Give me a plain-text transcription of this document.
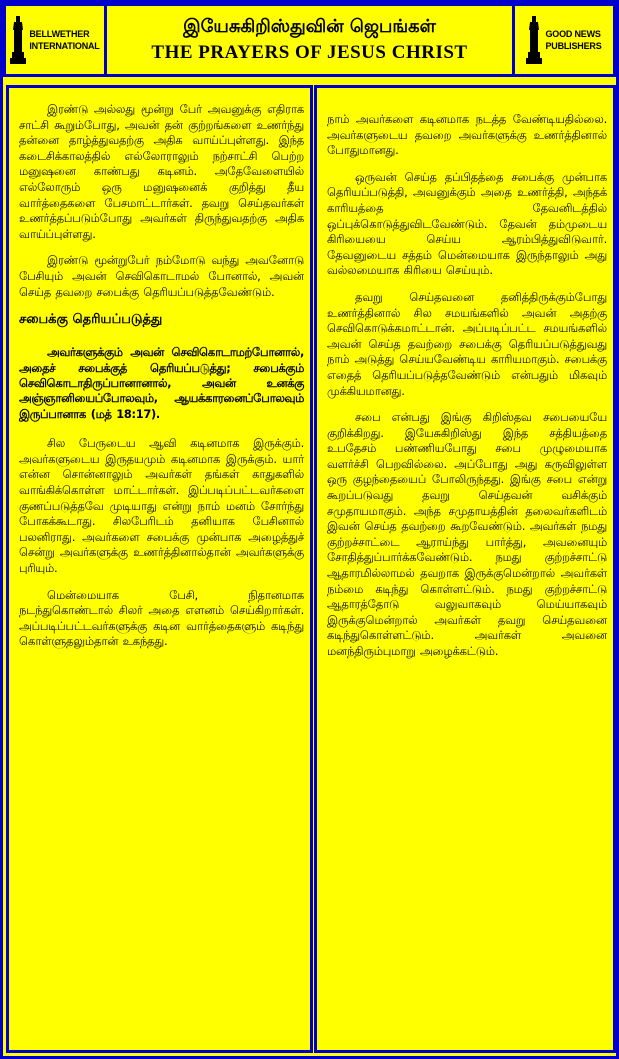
BELLWETHER
INTERNATIONAL
இயேசுகிறிஸ்துவின் ஜெபங்கள்
THE PRAYERS OF JESUS CHRIST
GOOD NEWS
PUBLISHERS

இரண்டு அல்லது மூன்று பேர் அவனுக்கு எதிராக சாட்சி கூறும்போது, அவன் தன் குற்றங்களை உணர்ந்து தன்னை தாழ்த்துவதற்கு அதிக வாய்ப்புள்ளது. இந்த கடைசிக்காலத்தில் எல்லோராலும் நற்சாட்சி பெற்ற மனுஷனை காண்பது கடினம். அதேவேளையில் எல்லோரும் ஒரு மனுஷனைக் குறித்து தீய வார்த்தைகளை பேசமாட்டார்கள். தவறு செய்தவர்கள் உணர்த்தப்படும்போது அவர்கள் திருந்துவதற்கு அதிக வாய்ப்புள்ளது.

இரண்டு மூன்றுபேர் நம்மோடு வந்து அவனோடு பேசியும் அவன் செவிகொடாமல் போனால், அவன் செய்த தவறை சபைக்கு தெரியப்படுத்தவேண்டும்.

சபைக்கு தெரியப்படுத்து

அவர்களுக்கும் அவன் செவிகொடாமற்போனால், அதைச் சபைக்குத் தெரியப்படுத்து; சபைக்கும் செவிகொடாதிருப்பானானால், அவன் உனக்கு அஞ்ஞானியைப்போலவும், ஆயக்காரனைப்போலவும் இருப்பானாக (மத் 18:17).

சில பேருடைய ஆவி கடினமாக இருக்கும். அவர்களுடைய இருதயமும் கடினமாக இருக்கும். யார் என்ன சொன்னாலும் அவர்கள் தங்கள் காதுகளில் வாங்கிக்கொள்ள மாட்டார்கள். இப்படிப்பட்டவர்களை குணப்படுத்தவே முடியாது என்று நாம் மனம் சோர்ந்து போகக்கூடாது. சிலபேரிடம் தனியாக பேசினால் பலனிராது. அவர்களை சபைக்கு முன்பாக அழைத்துச் சென்று அவர்களுக்கு உணர்த்தினால்தான் அவர்களுக்கு புரியும்.

மென்மையாக பேசி, நிதானமாக நடந்துகொண்டால் சிலர் அதை எளனம் செய்கிறார்கள். அப்படிப்பட்டவர்களுக்கு கடின வார்த்தைகளும் கடிந்து கொள்ளுதலும்தான் உகந்தது.

நாம் அவர்களை கடினமாக நடத்த வேண்டியதில்லை. அவர்களுடைய தவறை அவர்களுக்கு உணர்த்தினால் போதுமானது.

ஒருவன் செய்த தப்பிதத்தை சபைக்கு முன்பாக தெரியப்படுத்தி, அவனுக்கும் அதை உணர்த்தி, அந்தக் காரியத்தை தேவனிடத்தில் ஒப்புக்கொடுத்துவிடவேண்டும். தேவன் தம்முடைய கிரியையை செய்ய ஆரம்பித்துவிடுவார். தேவனுடைய சத்தம் மென்மையாக இருந்தாலும் அது வல்லமையாக கிரியை செய்யும்.

தவறு செய்தவனை தனித்திருக்கும்போது உணர்த்தினால் சில சமயங்களில் அவன் அதற்கு செவிகொடுக்கமாட்டான். அப்படிப்பட்ட சமயங்களில் அவன் செய்த தவற்றை சபைக்கு தெரியப்படுத்துவது நாம் அடுத்து செய்யவேண்டிய காரியமாகும். சபைக்கு எதைத் தெரியப்படுத்தவேண்டும் என்பதும் மிகவும் முக்கியமானது.

சபை என்பது இங்கு கிறிஸ்தவ சபையையே குறிக்கிறது. இயேசுகிறிஸ்து இந்த சத்தியத்தை உபதேசம் பண்ணியபோது சபை முழுமையாக வளர்ச்சி பெறவில்லை. அப்போது அது கருவிலுள்ள ஒரு குழந்தையைப் போலிருந்தது. இங்கு சபை என்று கூறப்படுவது தவறு செய்தவன் வசிக்கும் சமுதாயமாகும். அந்த சமுதாயத்தின் தலைவர்களிடம் இவன் செய்த தவற்றை கூறவேண்டும். அவர்கள் நமது குற்றச்சாட்டை ஆராய்ந்து பார்த்து, அவனையும் சோதித்துப்பார்க்கவேண்டும். நமது குற்றச்சாட்டு ஆதாரமில்லாமல் தவறாக இருக்குமென்றால் அவர்கள் நம்மை கடிந்து கொள்ளட்டும். நமது குற்றச்சாட்டு ஆதாரத்தோடு வலுவாகவும் மெய்யாகவும் இருக்குமென்றால் அவர்கள் தவறு செய்தவனை கடிந்துகொள்ளட்டும். அவர்கள் அவனை மனந்திரும்புமாறு அழைக்கட்டும்.
